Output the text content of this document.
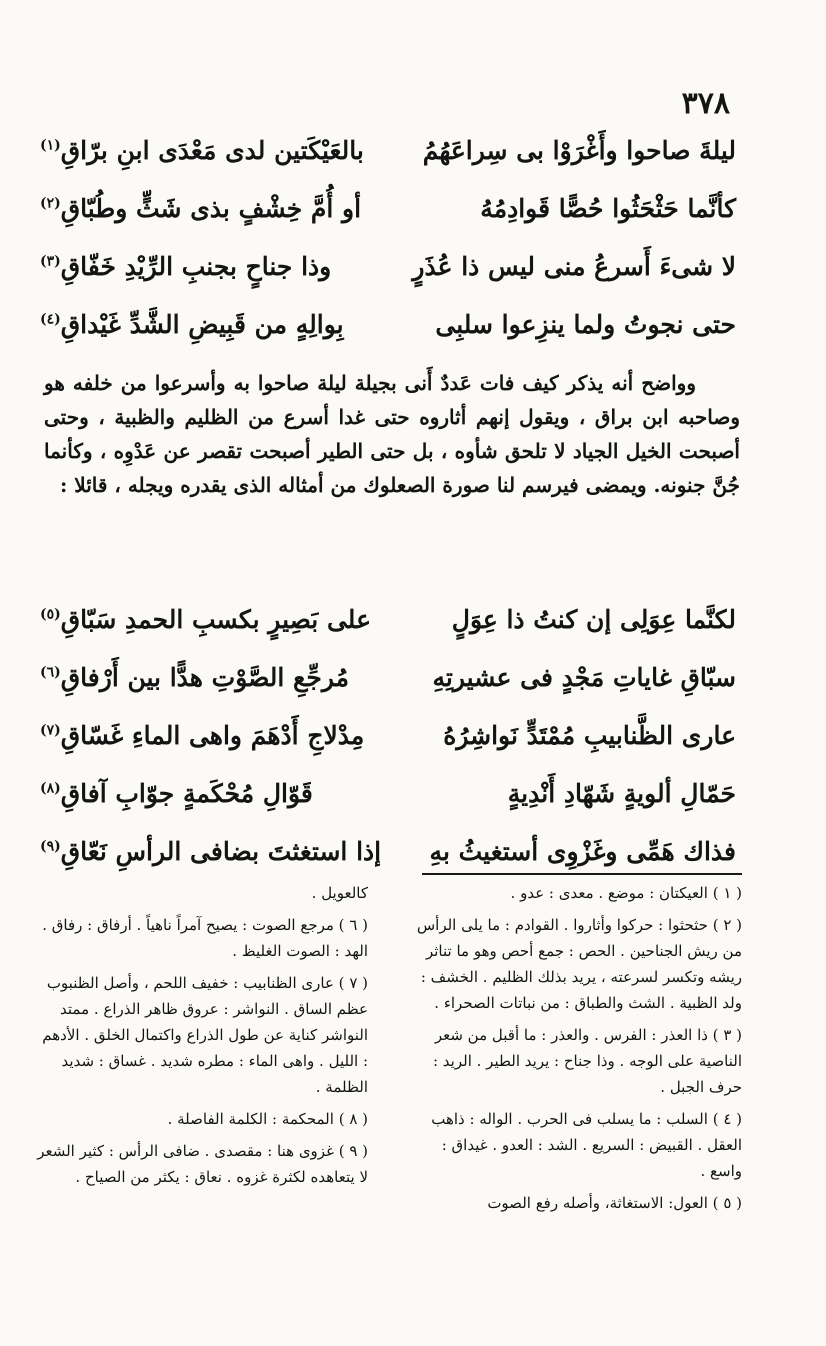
٣٧٨
ليلةَ صاحوا وأَغْرَوْا بى سِراعَهُمُ
بالعَيْكَتين لدى مَعْدَى ابنِ برّاقِ$^{(١)}$
كأنَّما حَثْحَثُوا حُصًّا قَوادِمُهُ
أو أُمَّ خِشْفٍ بذى شَثٍّ وطُبّاقِ$^{(٢)}$
لا شىءَ أَسرعُ منى ليس ذا عُذَرٍ
وذا جناحٍ بجنبِ الرِّيْدِ خَفّاقِ$^{(٣)}$
حتى نجوتُ ولما ينزِعوا سلبِى
بِوالِهٍ من قَبِيضِ الشَّدِّ غَيْداقِ$^{(٤)}$

وواضح أنه يذكر كيف فات عَددٌ أَنى بجيلة ليلة صاحوا به وأسرعوا من خلفه هو وصاحبه ابن براق ، ويقول إنهم أثاروه حتى غدا أسرع من الظليم والظبية ، وحتى أصبحت الخيل الجياد لا تلحق شأوه ، بل حتى الطير أصبحت تقصر عن عَدْوِه ، وكأنما جُنَّ جنونه. ويمضى فيرسم لنا صورة الصعلوك من أمثاله الذى يقدره ويجله ، قائلا :

لكنَّما عِوَلِى إن كنتُ ذا عِوَلٍ
على بَصِيرٍ بكسبِ الحمدِ سَبّاقِ$^{(٥)}$
سبّاقِ غاياتِ مَجْدٍ فى عشيرتِهِ
مُرجِّعِ الصَّوْتِ هدًّا بين أَرْفاقِ$^{(٦)}$
عارى الظَّنابيبِ مُمْتَدٍّ نَواشِرُهُ
مِدْلاجِ أَدْهَمَ واهى الماءِ غَسّاقِ$^{(٧)}$
حَمّالِ ألويةٍ شَهّادِ أَنْدِيةٍ
قَوّالِ مُحْكَمةٍ جوّابِ آفاقِ$^{(٨)}$
فذاك هَمِّى وغَزْوِى أستغيثُ بهِ
إذا استغثتَ بضافى الرأسِ نَعّاقِ$^{(٩)}$

( ١ ) العيكتان : موضع . معدى : عدو .

( ٢ ) حثحثوا : حركوا وأثاروا . القوادم : ما يلى الرأس من ريش الجناحين . الحص : جمع أحص وهو ما تناثر ريشه وتكسر لسرعته ، يريد بذلك الظليم . الخشف : ولد الظبية . الشث والطباق : من نباتات الصحراء .

( ٣ ) ذا العذر : الفرس . والعذر : ما أقبل من شعر الناصية على الوجه . وذا جناح : يريد الطير . الريد : حرف الجبل .

( ٤ ) السلب : ما يسلب فى الحرب . الواله : ذاهب العقل . القبيض : السريع . الشد : العدو . غيداق : واسع .

( ٥ ) العول: الاستغاثة، وأصله رفع الصوت

كالعويل .

( ٦ ) مرجع الصوت : يصيح آمراً ناهياً . أرفاق : رفاق . الهد : الصوت الغليظ .

( ٧ ) عارى الظنابيب : خفيف اللحم ، وأصل الظنبوب عظم الساق . النواشر : عروق ظاهر الذراع . ممتد النواشر كناية عن طول الذراع واكتمال الخلق . الأدهم : الليل . واهى الماء : مطره شديد . غساق : شديد الظلمة .

( ٨ ) المحكمة : الكلمة الفاصلة .

( ٩ ) غزوى هنا : مقصدى . ضافى الرأس : كثير الشعر لا يتعاهده لكثرة غزوه . نعاق : يكثر من الصياح .
